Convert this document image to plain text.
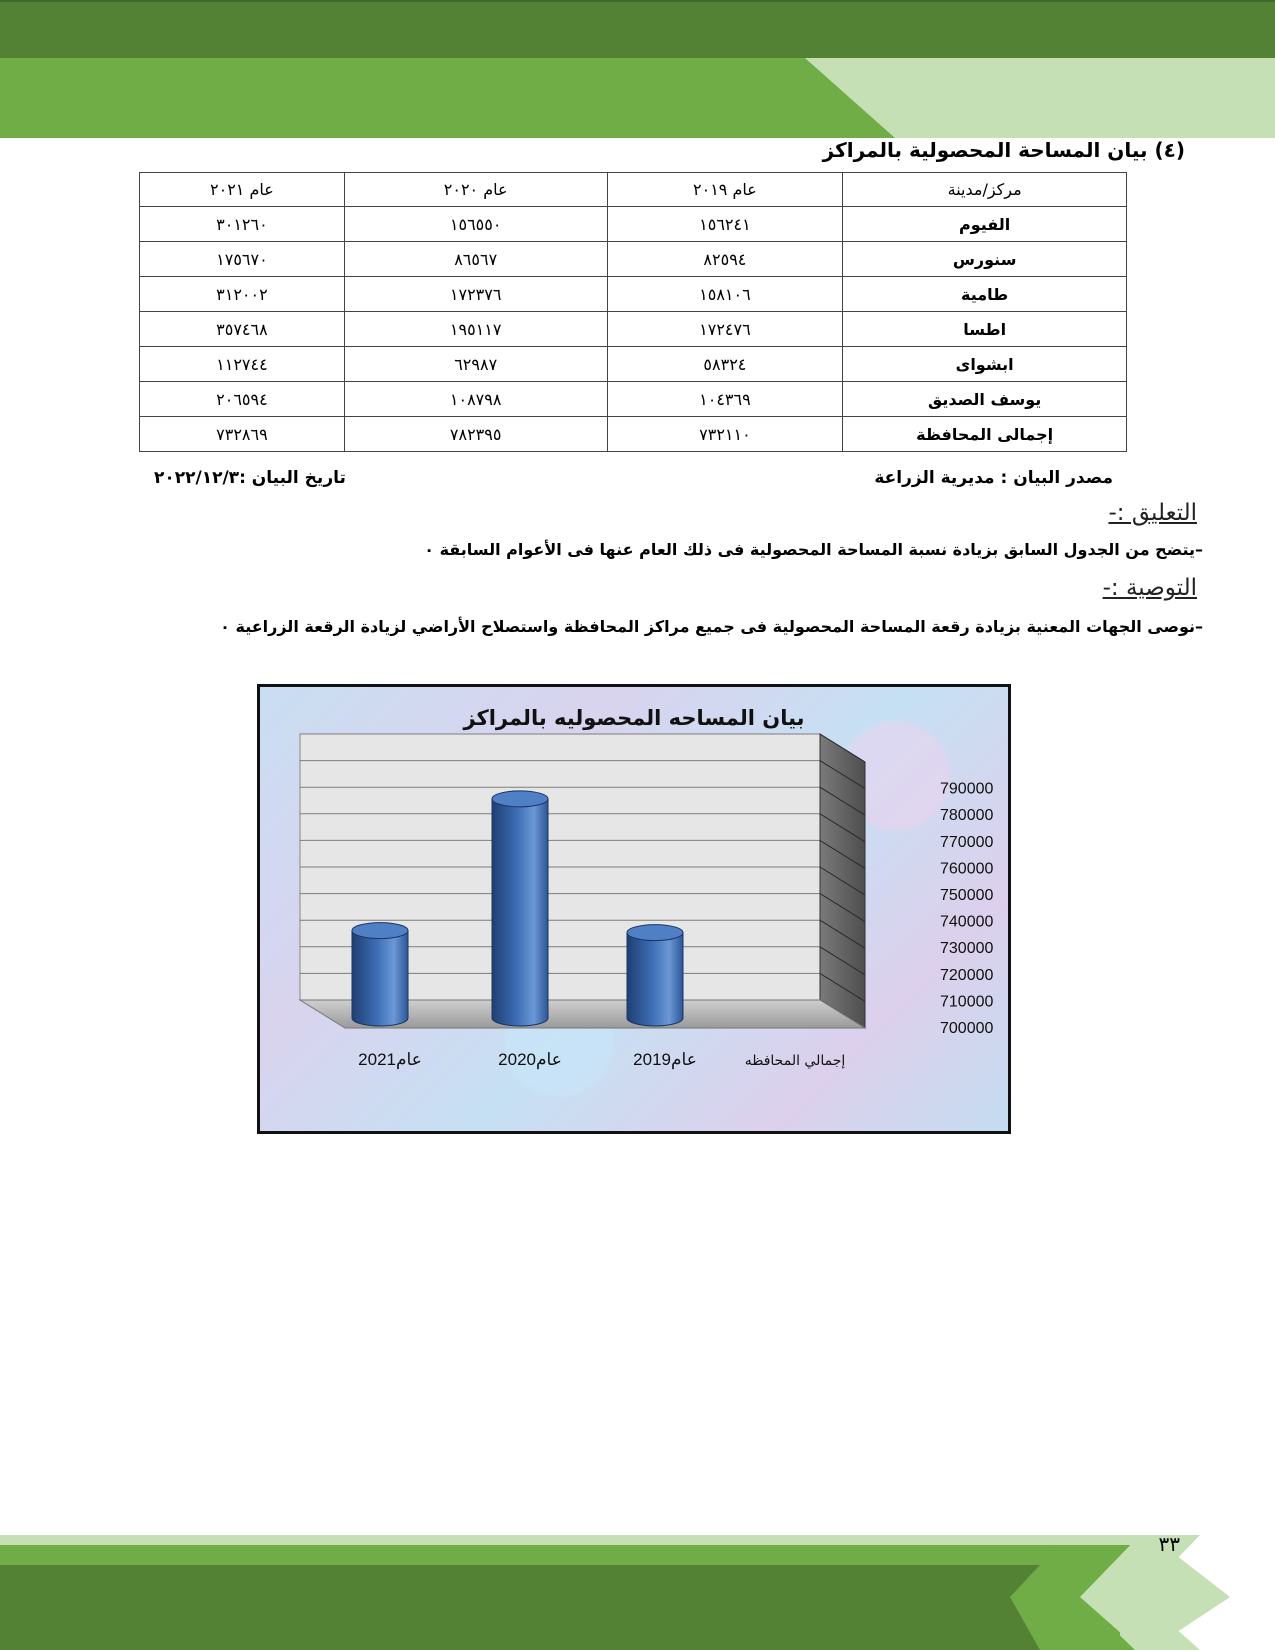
(٤) بيان المساحة المحصولية بالمراكز
مركز/مدينة	عام ٢٠١٩	عام ٢٠٢٠	عام ٢٠٢١
الفيوم	١٥٦٢٤١	١٥٦٥٥٠	٣٠١٢٦٠
سنورس	٨٢٥٩٤	٨٦٥٦٧	١٧٥٦٧٠
طامية	١٥٨١٠٦	١٧٢٣٧٦	٣١٢٠٠٢
اطسا	١٧٢٤٧٦	١٩٥١١٧	٣٥٧٤٦٨
ابشواى	٥٨٣٢٤	٦٢٩٨٧	١١٢٧٤٤
يوسف الصديق	١٠٤٣٦٩	١٠٨٧٩٨	٢٠٦٥٩٤
إجمالى المحافظة	٧٣٢١١٠	٧٨٢٣٩٥	٧٣٢٨٦٩
مصدر البيان : مديرية الزراعة
تاريخ البيان :٢٠٢٢/١٢/٣
التعليق :-
–يتضح من الجدول السابق بزيادة نسبة المساحة المحصولية فى ذلك العام عنها فى الأعوام السابقة ٠
التوصية :-
–نوصى الجهات المعنية بزيادة رقعة المساحة المحصولية فى جميع مراكز المحافظة واستصلاح الأراضي لزيادة الرقعة الزراعية ٠
بيان المساحه المحصوليه بالمراكز
790000
780000
770000
760000
750000
740000
730000
720000
710000
700000
عام2021	عام2020	عام2019	إجمالي المحافظه
٣٣
